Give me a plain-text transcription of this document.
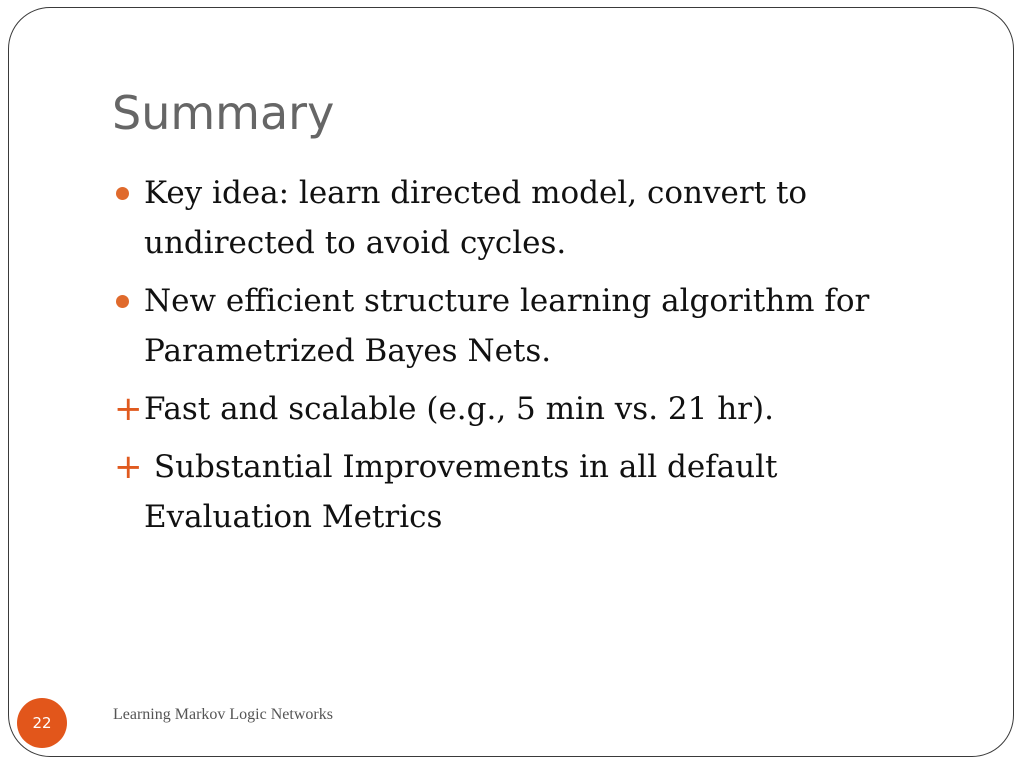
Summary
Key idea: learn directed model, convert to undirected to avoid cycles.
New efficient structure learning algorithm for Parametrized Bayes Nets.
+ Fast and scalable (e.g., 5 min vs. 21 hr).
+ Substantial Improvements in all default Evaluation Metrics
Learning Markov Logic Networks
22
